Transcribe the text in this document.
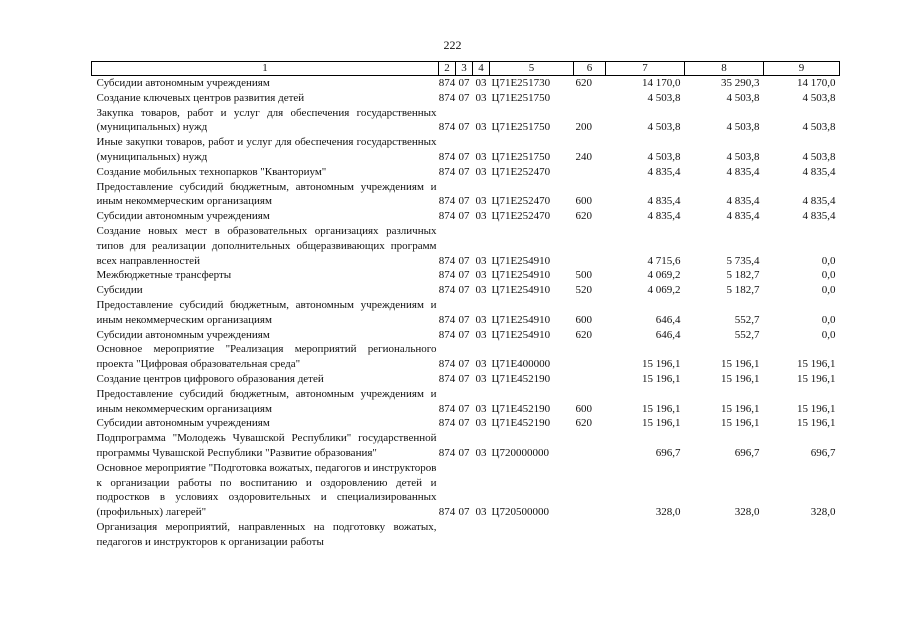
222
1	2	3	4	5	6	7	8	9
Субсидии автономным учреждениям	874	07	03	Ц71Е251730	620	14 170,0	35 290,3	14 170,0
Создание ключевых центров развития детей	874	07	03	Ц71Е251750		4 503,8	4 503,8	4 503,8
Закупка товаров, работ и услуг для обеспечения государственных (муниципальных) нужд	874	07	03	Ц71Е251750	200	4 503,8	4 503,8	4 503,8
Иные закупки товаров, работ и услуг для обеспечения государственных (муниципальных) нужд	874	07	03	Ц71Е251750	240	4 503,8	4 503,8	4 503,8
Создание мобильных технопарков "Кванториум"	874	07	03	Ц71Е252470		4 835,4	4 835,4	4 835,4
Предоставление субсидий бюджетным, автономным учреждениям и иным некоммерческим организациям	874	07	03	Ц71Е252470	600	4 835,4	4 835,4	4 835,4
Субсидии автономным учреждениям	874	07	03	Ц71Е252470	620	4 835,4	4 835,4	4 835,4
Создание новых мест в образовательных организациях различных типов для реализации дополнительных общеразвивающих программ всех направленностей	874	07	03	Ц71Е254910		4 715,6	5 735,4	0,0
Межбюджетные трансферты	874	07	03	Ц71Е254910	500	4 069,2	5 182,7	0,0
Субсидии	874	07	03	Ц71Е254910	520	4 069,2	5 182,7	0,0
Предоставление субсидий бюджетным, автономным учреждениям и иным некоммерческим организациям	874	07	03	Ц71Е254910	600	646,4	552,7	0,0
Субсидии автономным учреждениям	874	07	03	Ц71Е254910	620	646,4	552,7	0,0
Основное мероприятие "Реализация мероприятий регионального проекта "Цифровая образовательная среда"	874	07	03	Ц71Е400000		15 196,1	15 196,1	15 196,1
Создание центров цифрового образования детей	874	07	03	Ц71Е452190		15 196,1	15 196,1	15 196,1
Предоставление субсидий бюджетным, автономным учреждениям и иным некоммерческим организациям	874	07	03	Ц71Е452190	600	15 196,1	15 196,1	15 196,1
Субсидии автономным учреждениям	874	07	03	Ц71Е452190	620	15 196,1	15 196,1	15 196,1
Подпрограмма "Молодежь Чувашской Республики" государственной программы Чувашской Республики "Развитие образования"	874	07	03	Ц720000000		696,7	696,7	696,7
Основное мероприятие "Подготовка вожатых, педагогов и инструкторов к организации работы по воспитанию и оздоровлению детей и подростков в условиях оздоровительных и специализированных (профильных) лагерей"	874	07	03	Ц720500000		328,0	328,0	328,0
Организация мероприятий, направленных на подготовку вожатых, педагогов и инструкторов к организации работы								
